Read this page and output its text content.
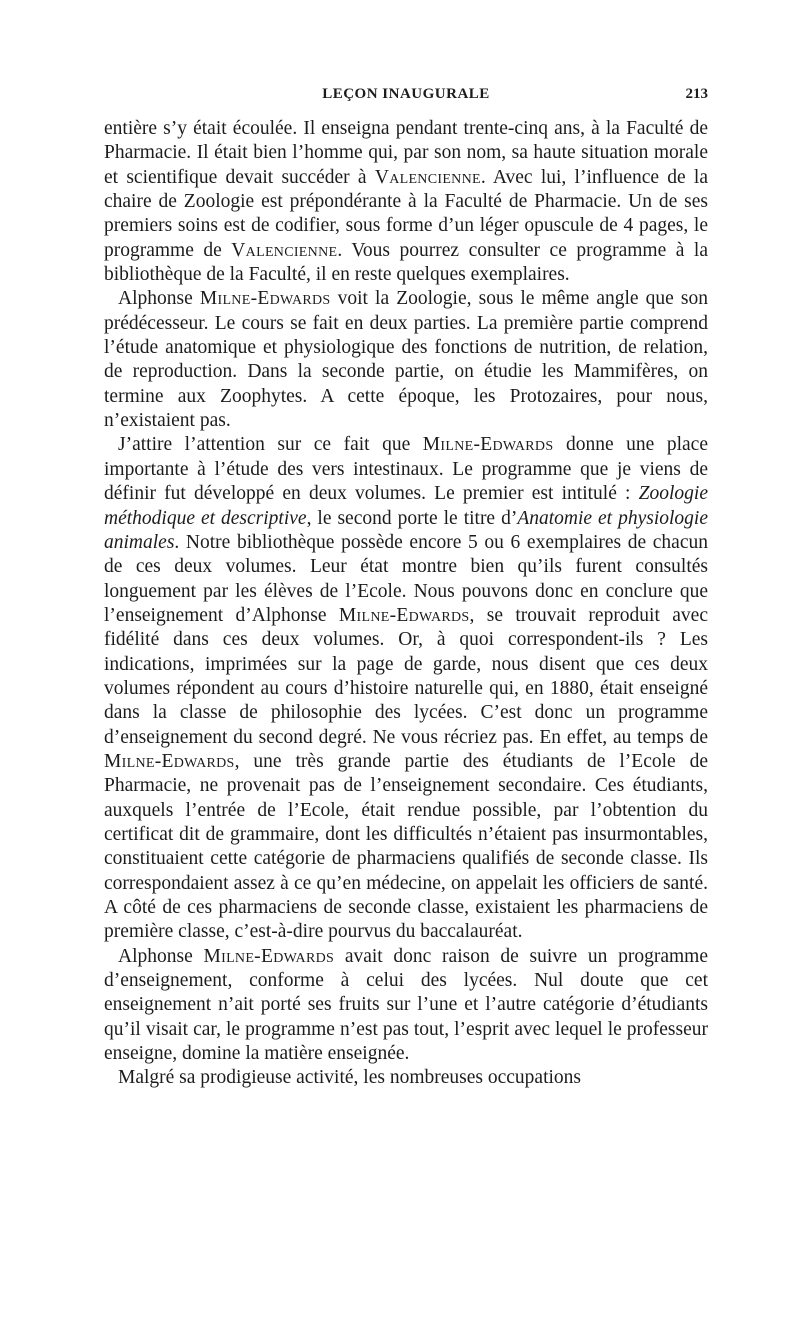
LEÇON INAUGURALE	213

entière s’y était écoulée. Il enseigna pendant trente-cinq ans, à la Faculté de Pharmacie. Il était bien l’homme qui, par son nom, sa haute situation morale et scientifique devait succéder à Valencienne. Avec lui, l’influence de la chaire de Zoologie est prépondérante à la Faculté de Pharmacie. Un de ses premiers soins est de codifier, sous forme d’un léger opuscule de 4 pages, le programme de Valencienne. Vous pourrez consulter ce programme à la bibliothèque de la Faculté, il en reste quelques exemplaires.

Alphonse Milne-Edwards voit la Zoologie, sous le même angle que son prédécesseur. Le cours se fait en deux parties. La première partie comprend l’étude anatomique et physiologique des fonctions de nutrition, de relation, de reproduction. Dans la seconde partie, on étudie les Mammifères, on termine aux Zoophytes. A cette époque, les Protozaires, pour nous, n’existaient pas.

J’attire l’attention sur ce fait que Milne-Edwards donne une place importante à l’étude des vers intestinaux. Le programme que je viens de définir fut développé en deux volumes. Le premier est intitulé : Zoologie méthodique et descriptive, le second porte le titre d’Anatomie et physiologie animales. Notre bibliothèque possède encore 5 ou 6 exemplaires de chacun de ces deux volumes. Leur état montre bien qu’ils furent consultés longuement par les élèves de l’Ecole. Nous pouvons donc en conclure que l’enseignement d’Alphonse Milne-Edwards, se trouvait reproduit avec fidélité dans ces deux volumes. Or, à quoi correspondent-ils ? Les indications, imprimées sur la page de garde, nous disent que ces deux volumes répondent au cours d’histoire naturelle qui, en 1880, était enseigné dans la classe de philosophie des lycées. C’est donc un programme d’enseignement du second degré. Ne vous récriez pas. En effet, au temps de Milne-Edwards, une très grande partie des étudiants de l’Ecole de Pharmacie, ne provenait pas de l’enseignement secondaire. Ces étudiants, auxquels l’entrée de l’Ecole, était rendue possible, par l’obtention du certificat dit de grammaire, dont les difficultés n’étaient pas insurmontables, constituaient cette catégorie de pharmaciens qualifiés de seconde classe. Ils correspondaient assez à ce qu’en médecine, on appelait les officiers de santé. A côté de ces pharmaciens de seconde classe, existaient les pharmaciens de première classe, c’est-à-dire pourvus du baccalauréat.

Alphonse Milne-Edwards avait donc raison de suivre un programme d’enseignement, conforme à celui des lycées. Nul doute que cet enseignement n’ait porté ses fruits sur l’une et l’autre catégorie d’étudiants qu’il visait car, le programme n’est pas tout, l’esprit avec lequel le professeur enseigne, domine la matière enseignée.

Malgré sa prodigieuse activité, les nombreuses occupations
